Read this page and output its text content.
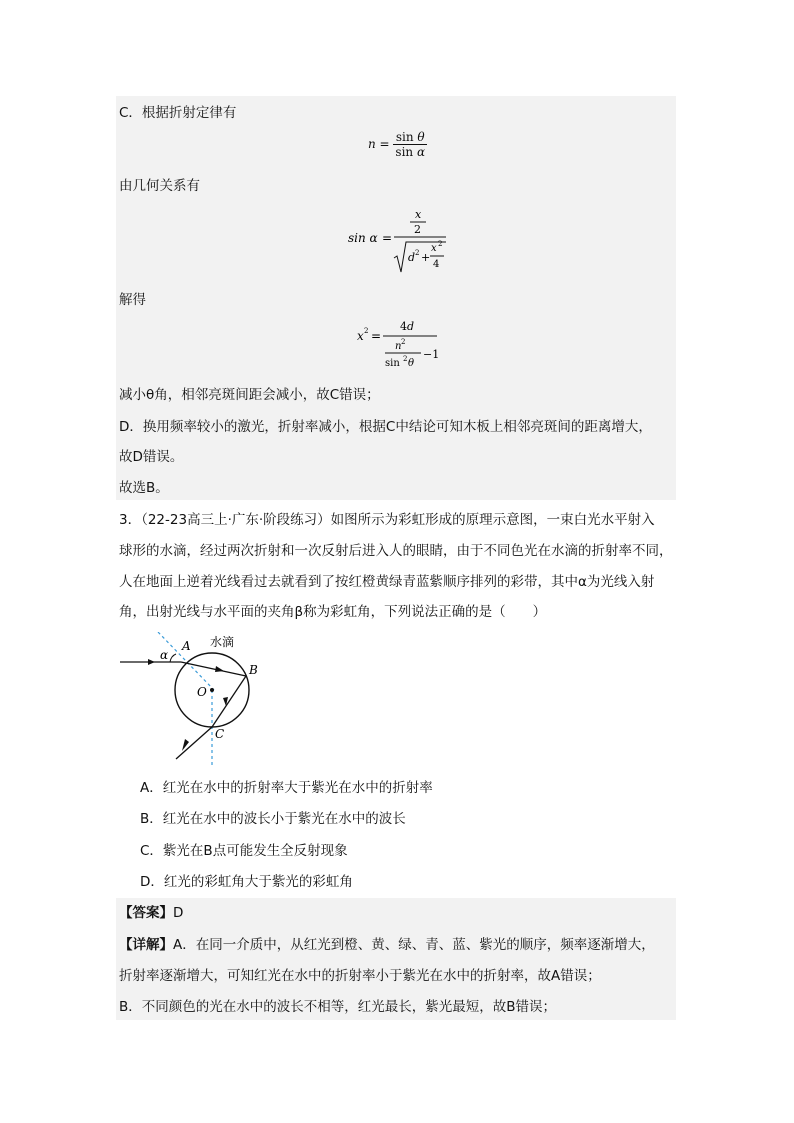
C．根据折射定律有
$n = \frac{\text{sin θ}}{\text{sin α}}$
由几何关系有
sin α =
x
2
d 2 +
x 2
4
解得
x 2 =
4d
n 2
sin 2 θ
−1
减小θ角，相邻亮斑间距会减小，故C错误；
D．换用频率较小的激光，折射率减小，根据C中结论可知木板上相邻亮斑间的距离增大，
故D错误。
故选B。
3．（22-23高三上·广东·阶段练习）如图所示为彩虹形成的原理示意图，一束白光水平射入
球形的水滴，经过两次折射和一次反射后进入人的眼睛，由于不同色光在水滴的折射率不同，
人在地面上逆着光线看过去就看到了按红橙黄绿青蓝紫顺序排列的彩带，其中α为光线入射
角，出射光线与水平面的夹角β称为彩虹角，下列说法正确的是（　　）
α
A 水滴
B
O
C
A．红光在水中的折射率大于紫光在水中的折射率
B．红光在水中的波长小于紫光在水中的波长
C．紫光在B点可能发生全反射现象
D．红光的彩虹角大于紫光的彩虹角
【答案】D
【详解】A．在同一介质中，从红光到橙、黄、绿、青、蓝、紫光的顺序，频率逐渐增大，
折射率逐渐增大，可知红光在水中的折射率小于紫光在水中的折射率，故A错误；
B．不同颜色的光在水中的波长不相等，红光最长，紫光最短，故B错误；
